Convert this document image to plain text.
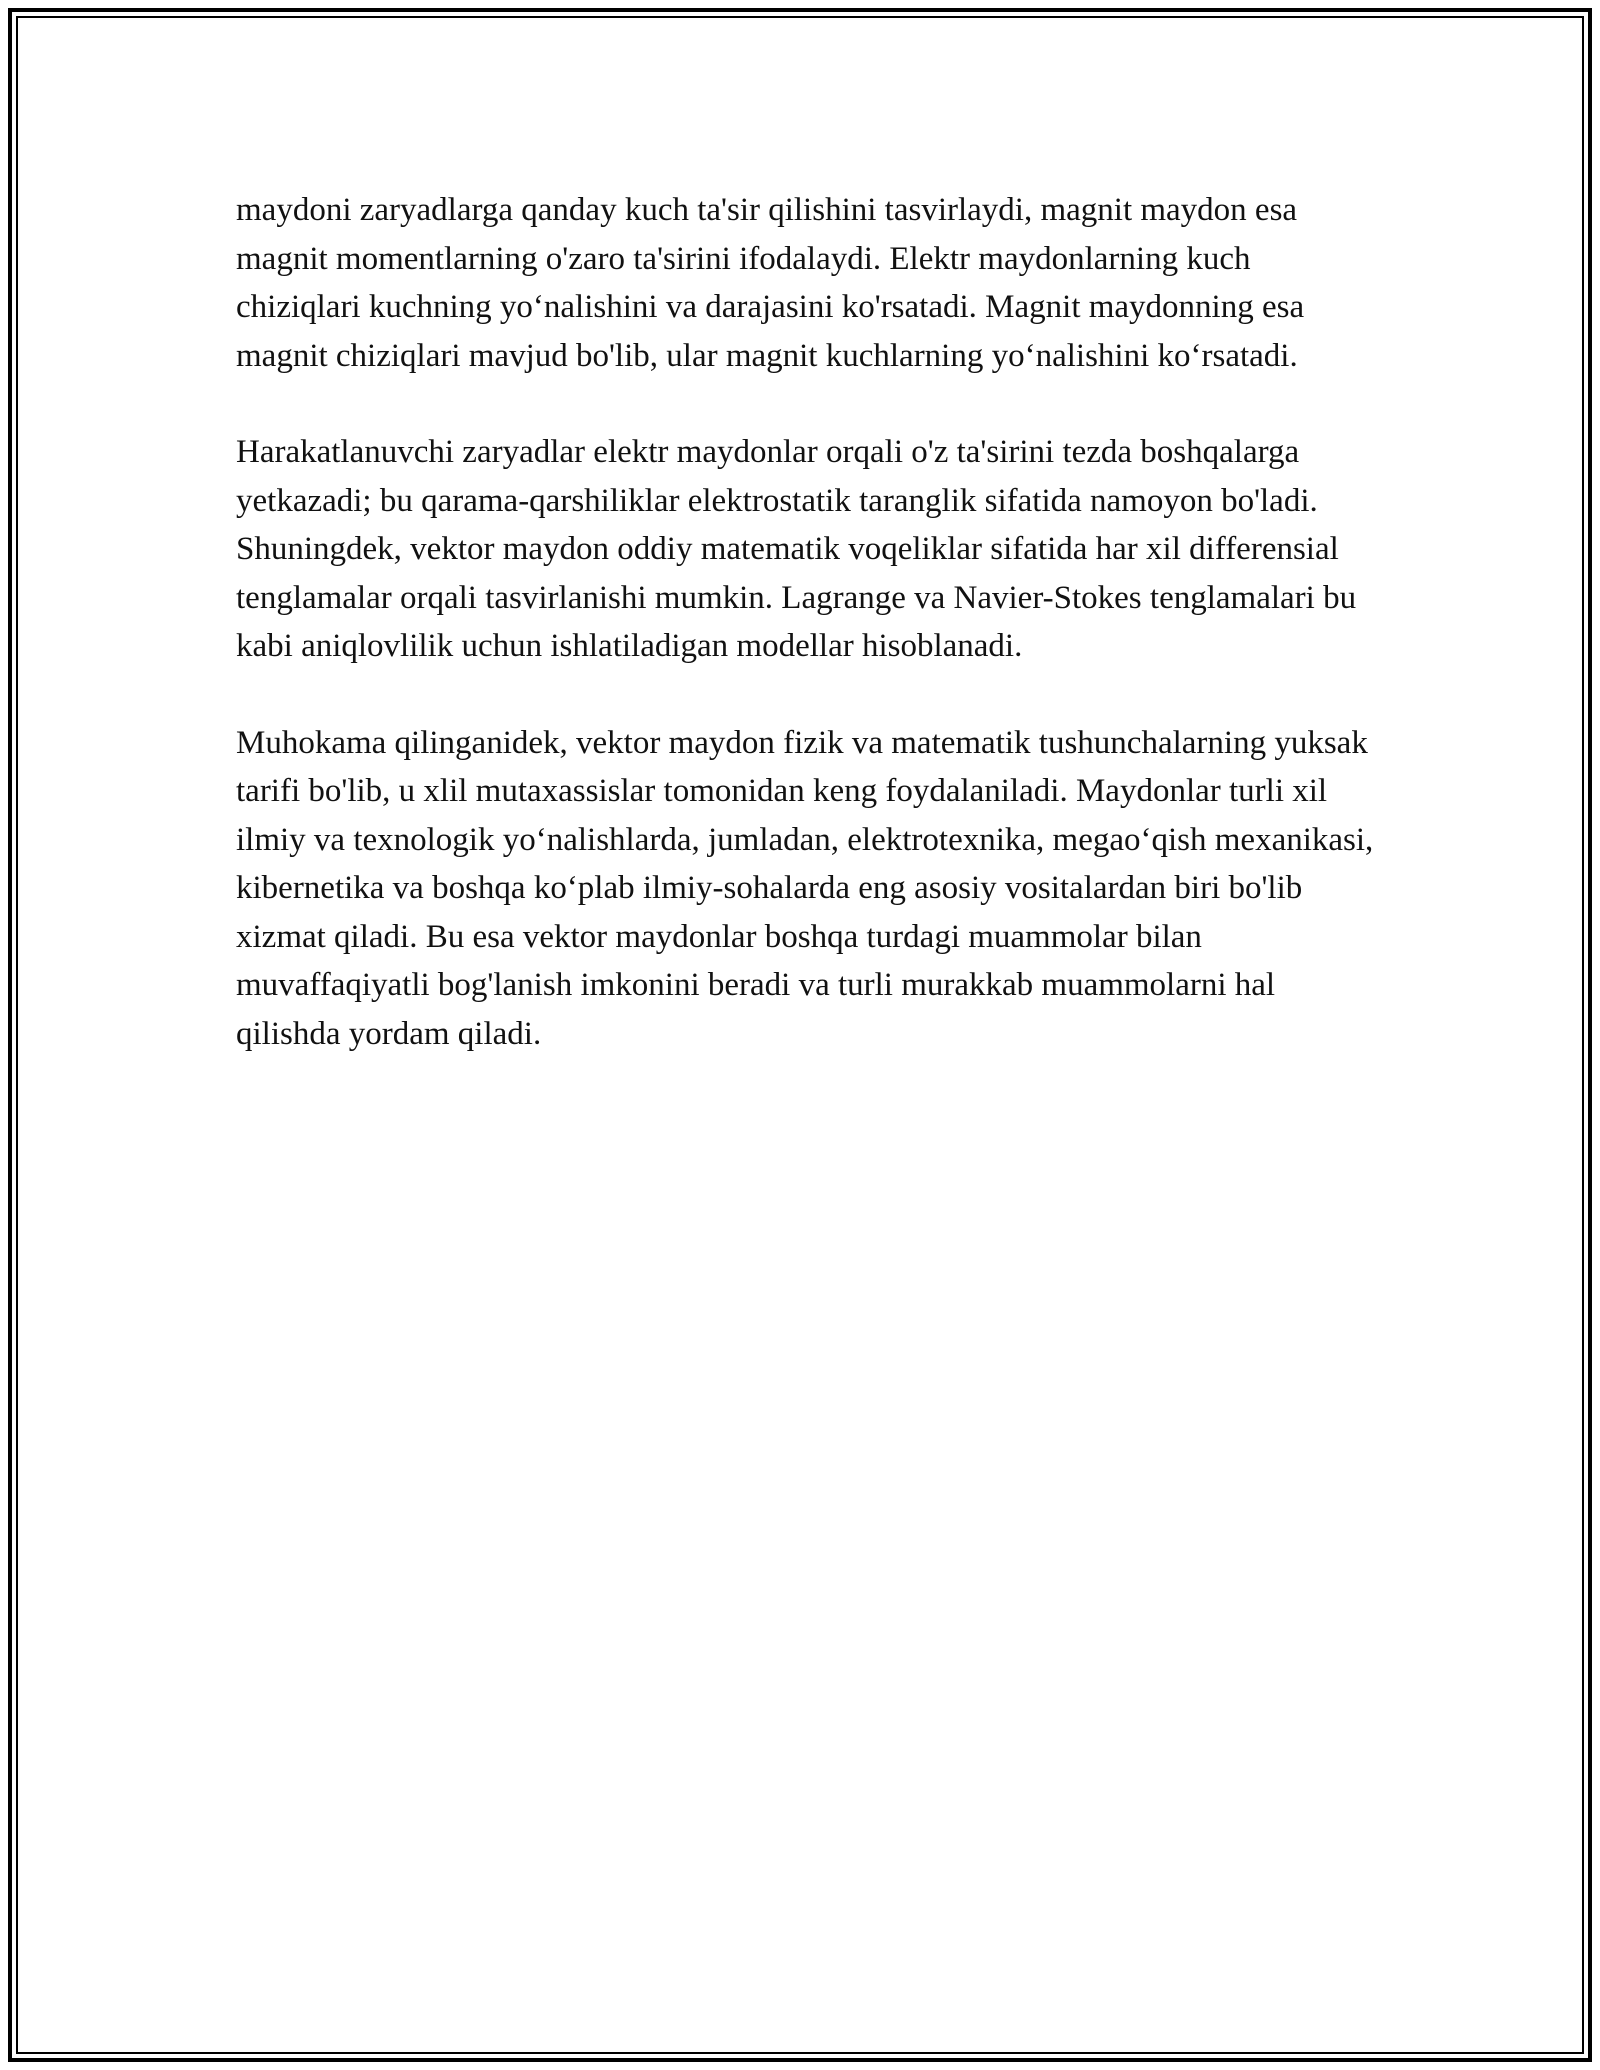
maydoni zaryadlarga qanday kuch ta'sir qilishini tasvirlaydi, magnit maydon esa magnit momentlarning o'zaro ta'sirini ifodalaydi. Elektr maydonlarning kuch chiziqlari kuchning yo‘nalishini va darajasini ko'rsatadi. Magnit maydonning esa magnit chiziqlari mavjud bo'lib, ular magnit kuchlarning yo‘nalishini ko‘rsatadi.

Harakatlanuvchi zaryadlar elektr maydonlar orqali o'z ta'sirini tezda boshqalarga yetkazadi; bu qarama-qarshiliklar elektrostatik taranglik sifatida namoyon bo'ladi. Shuningdek, vektor maydon oddiy matematik voqeliklar sifatida har xil differensial tenglamalar orqali tasvirlanishi mumkin. Lagrange va Navier-Stokes tenglamalari bu kabi aniqlovlilik uchun ishlatiladigan modellar hisoblanadi.

Muhokama qilinganidek, vektor maydon fizik va matematik tushunchalarning yuksak tarifi bo'lib, u xlil mutaxassislar tomonidan keng foydalaniladi. Maydonlar turli xil ilmiy va texnologik yo‘nalishlarda, jumladan, elektrotexnika, megao‘qish mexanikasi, kibernetika va boshqa ko‘plab ilmiy-sohalarda eng asosiy vositalardan biri bo'lib xizmat qiladi. Bu esa vektor maydonlar boshqa turdagi muammolar bilan muvaffaqiyatli bog'lanish imkonini beradi va turli murakkab muammolarni hal qilishda yordam qiladi.
